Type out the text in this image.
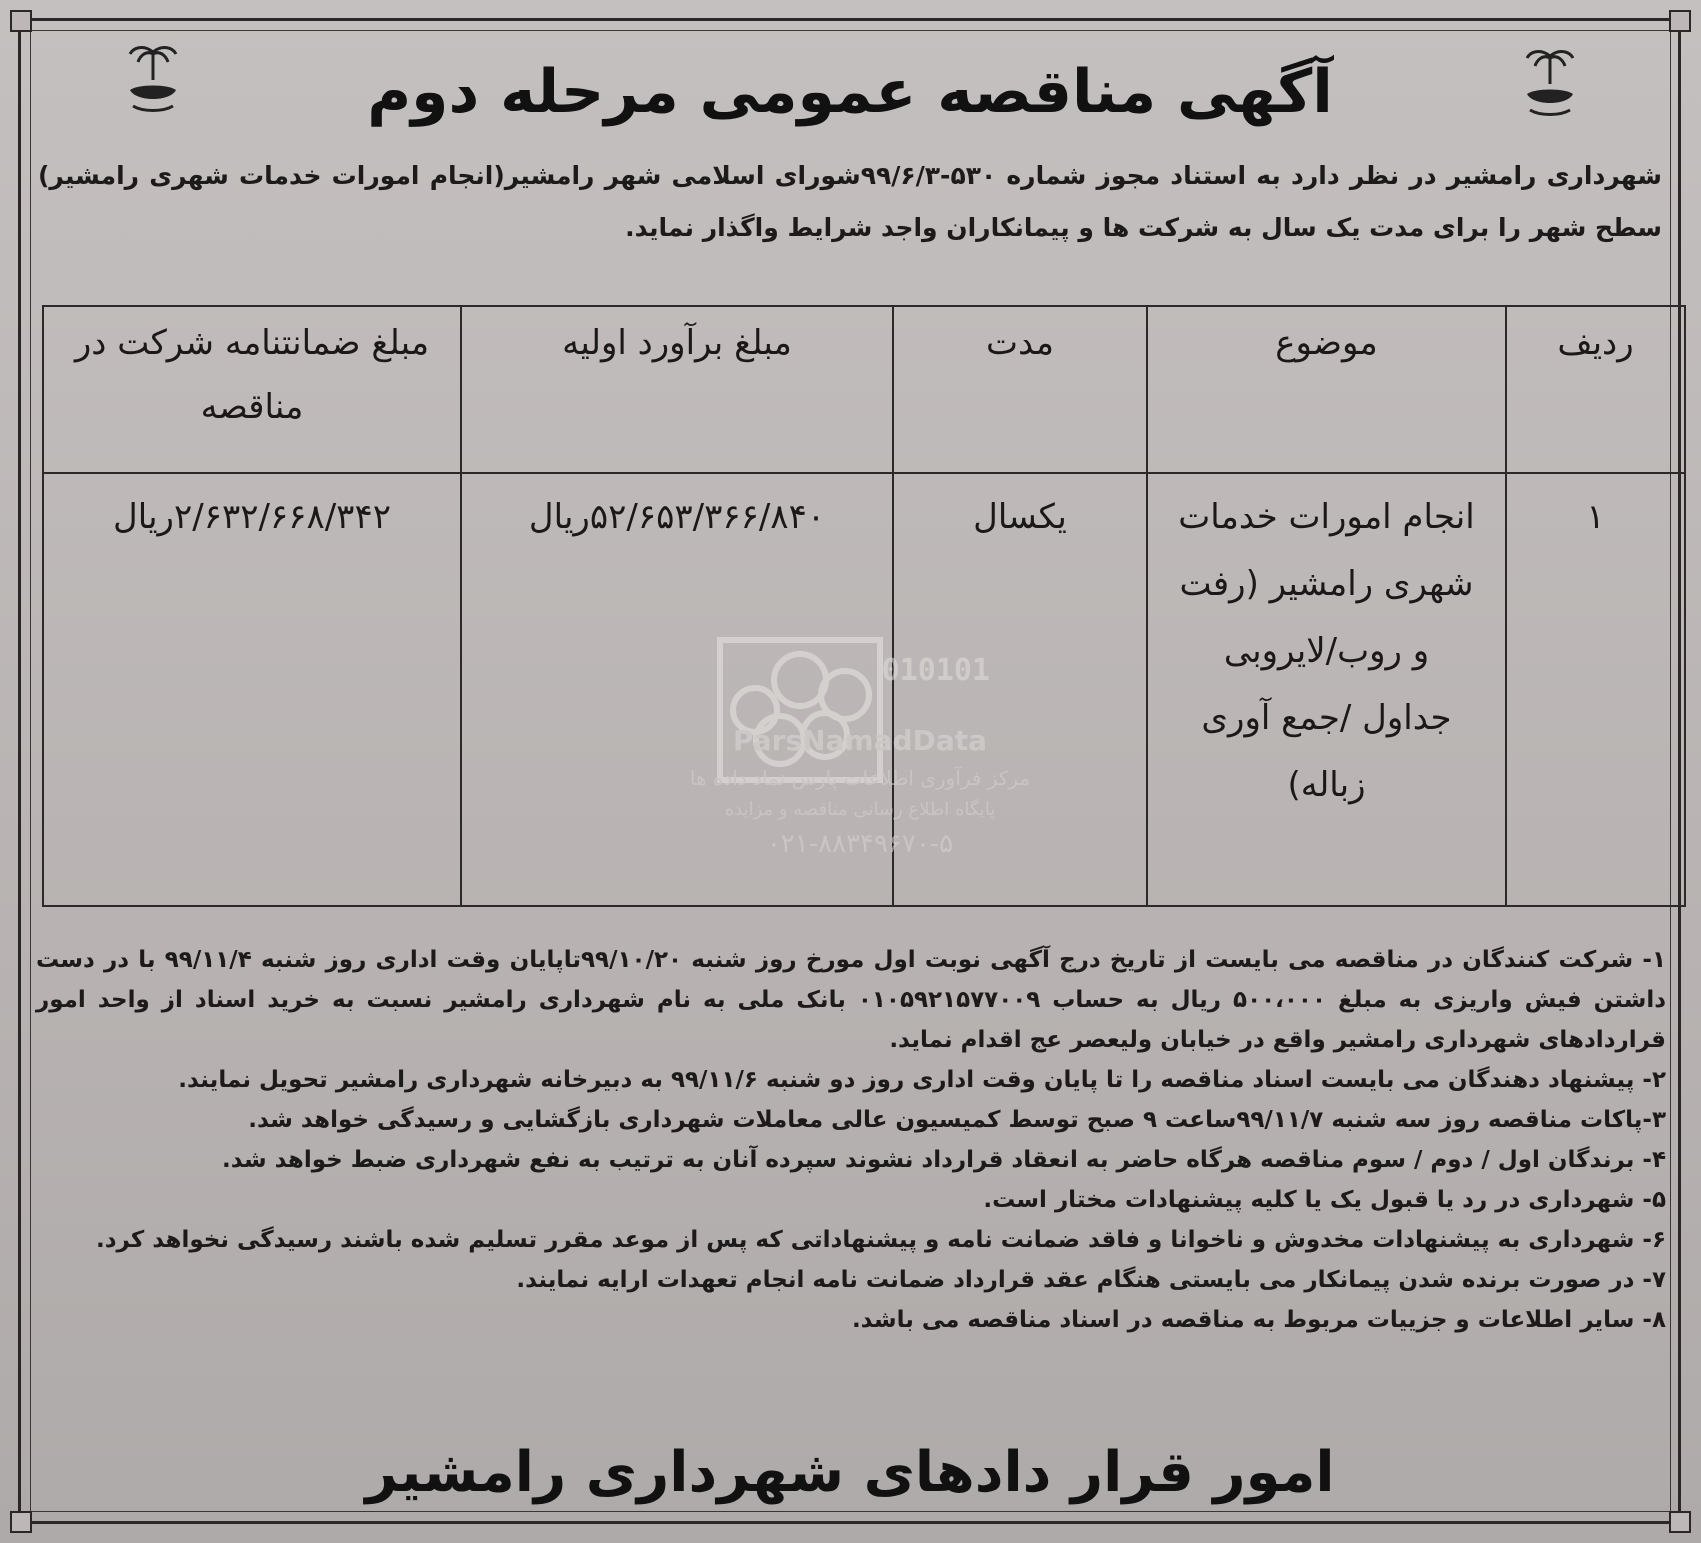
آگهی مناقصه عمومی مرحله دوم
شهرداری رامشیر در نظر دارد به استناد مجوز شماره ۵۳۰-۹۹/۶/۳شورای اسلامی شهر رامشیر(انجام امورات خدمات شهری رامشیر) سطح شهر را برای مدت یک سال به شرکت ها و پیمانکاران واجد شرایط واگذار نماید.
ردیف	موضوع	مدت	مبلغ برآورد اولیه	مبلغ ضمانتنامه شرکت در مناقصه
۱	انجام امورات خدمات شهری رامشیر (رفت و روب/لایروبی جداول /جمع آوری زباله)	یکسال	۵۲/۶۵۳/۳۶۶/۸۴۰ریال	۲/۶۳۲/۶۶۸/۳۴۲ریال
010101
ParsNamadData
مرکز فرآوری اطلاعات پارس نماد داده ها
پایگاه اطلاع رسانی مناقصه و مزایده
۰۲۱-۸۸۳۴۹۶۷۰-۵

۱- شرکت کنندگان در مناقصه می بایست از تاریخ درج آگهی نوبت اول مورخ روز شنبه ۹۹/۱۰/۲۰تاپایان وقت اداری روز شنبه ۹۹/۱۱/۴ با در دست داشتن فیش واریزی به مبلغ ۵۰۰،۰۰۰ ریال به حساب ۰۱۰۵۹۲۱۵۷۷۰۰۹ بانک ملی به نام شهرداری رامشیر نسبت به خرید اسناد از واحد امور قراردادهای شهرداری رامشیر واقع در خیابان ولیعصر عج اقدام نماید.

۲- پیشنهاد دهندگان می بایست اسناد مناقصه را تا پایان وقت اداری روز دو شنبه ۹۹/۱۱/۶ به دبیرخانه شهرداری رامشیر تحویل نمایند.

۳-پاکات مناقصه روز سه شنبه ۹۹/۱۱/۷ساعت ۹ صبح توسط کمیسیون عالی معاملات شهرداری بازگشایی و رسیدگی خواهد شد.

۴- برندگان اول / دوم / سوم مناقصه هرگاه حاضر به انعقاد قرارداد نشوند سپرده آنان به ترتیب به نفع شهرداری ضبط خواهد شد.

۵- شهرداری در رد یا قبول یک یا کلیه پیشنهادات مختار است.

۶- شهرداری به پیشنهادات مخدوش و ناخوانا و فاقد ضمانت نامه و پیشنهاداتی که پس از موعد مقرر تسلیم شده باشند رسیدگی نخواهد کرد.

۷- در صورت برنده شدن پیمانکار می بایستی هنگام عقد قرارداد ضمانت نامه انجام تعهدات ارایه نمایند.

۸- سایر اطلاعات و جزییات مربوط به مناقصه در اسناد مناقصه می باشد.

امور قرار دادهای شهرداری رامشیر
